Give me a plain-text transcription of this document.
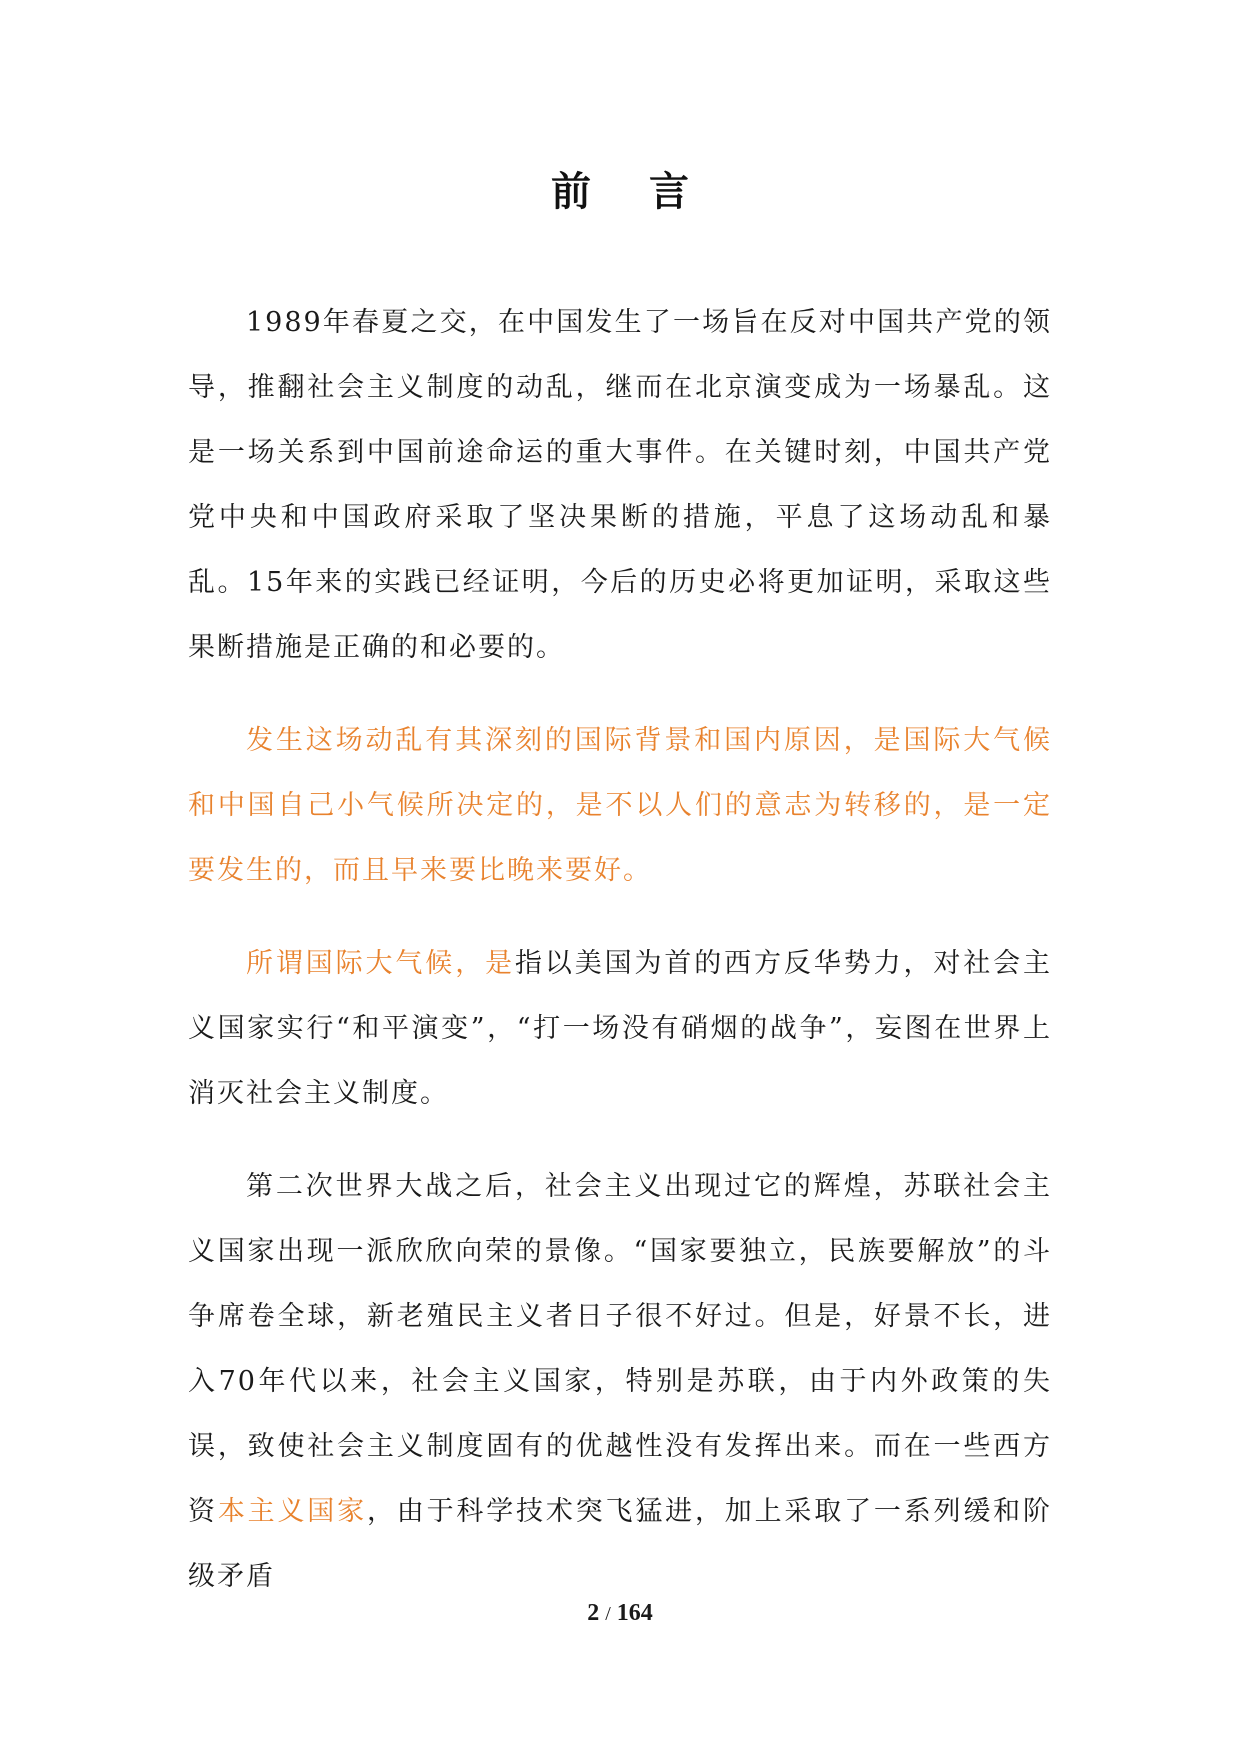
前言

1989年春夏之交，在中国发生了一场旨在反对中国共产党的领导，推翻社会主义制度的动乱，继而在北京演变成为一场暴乱。这是一场关系到中国前途命运的重大事件。在关键时刻，中国共产党党中央和中国政府采取了坚决果断的措施，平息了这场动乱和暴乱。15年来的实践已经证明，今后的历史必将更加证明，采取这些果断措施是正确的和必要的。

发生这场动乱有其深刻的国际背景和国内原因，是国际大气候和中国自己小气候所决定的，是不以人们的意志为转移的，是一定要发生的，而且早来要比晚来要好。

所谓国际大气候，是指以美国为首的西方反华势力，对社会主义国家实行“和平演变”，“打一场没有硝烟的战争”，妄图在世界上消灭社会主义制度。

第二次世界大战之后，社会主义出现过它的辉煌，苏联社会主义国家出现一派欣欣向荣的景像。“国家要独立，民族要解放”的斗争席卷全球，新老殖民主义者日子很不好过。但是，好景不长，进入70年代以来，社会主义国家，特别是苏联，由于内外政策的失误，致使社会主义制度固有的优越性没有发挥出来。而在一些西方资本主义国家，由于科学技术突飞猛进，加上采取了一系列缓和阶级矛盾

2 / 164
